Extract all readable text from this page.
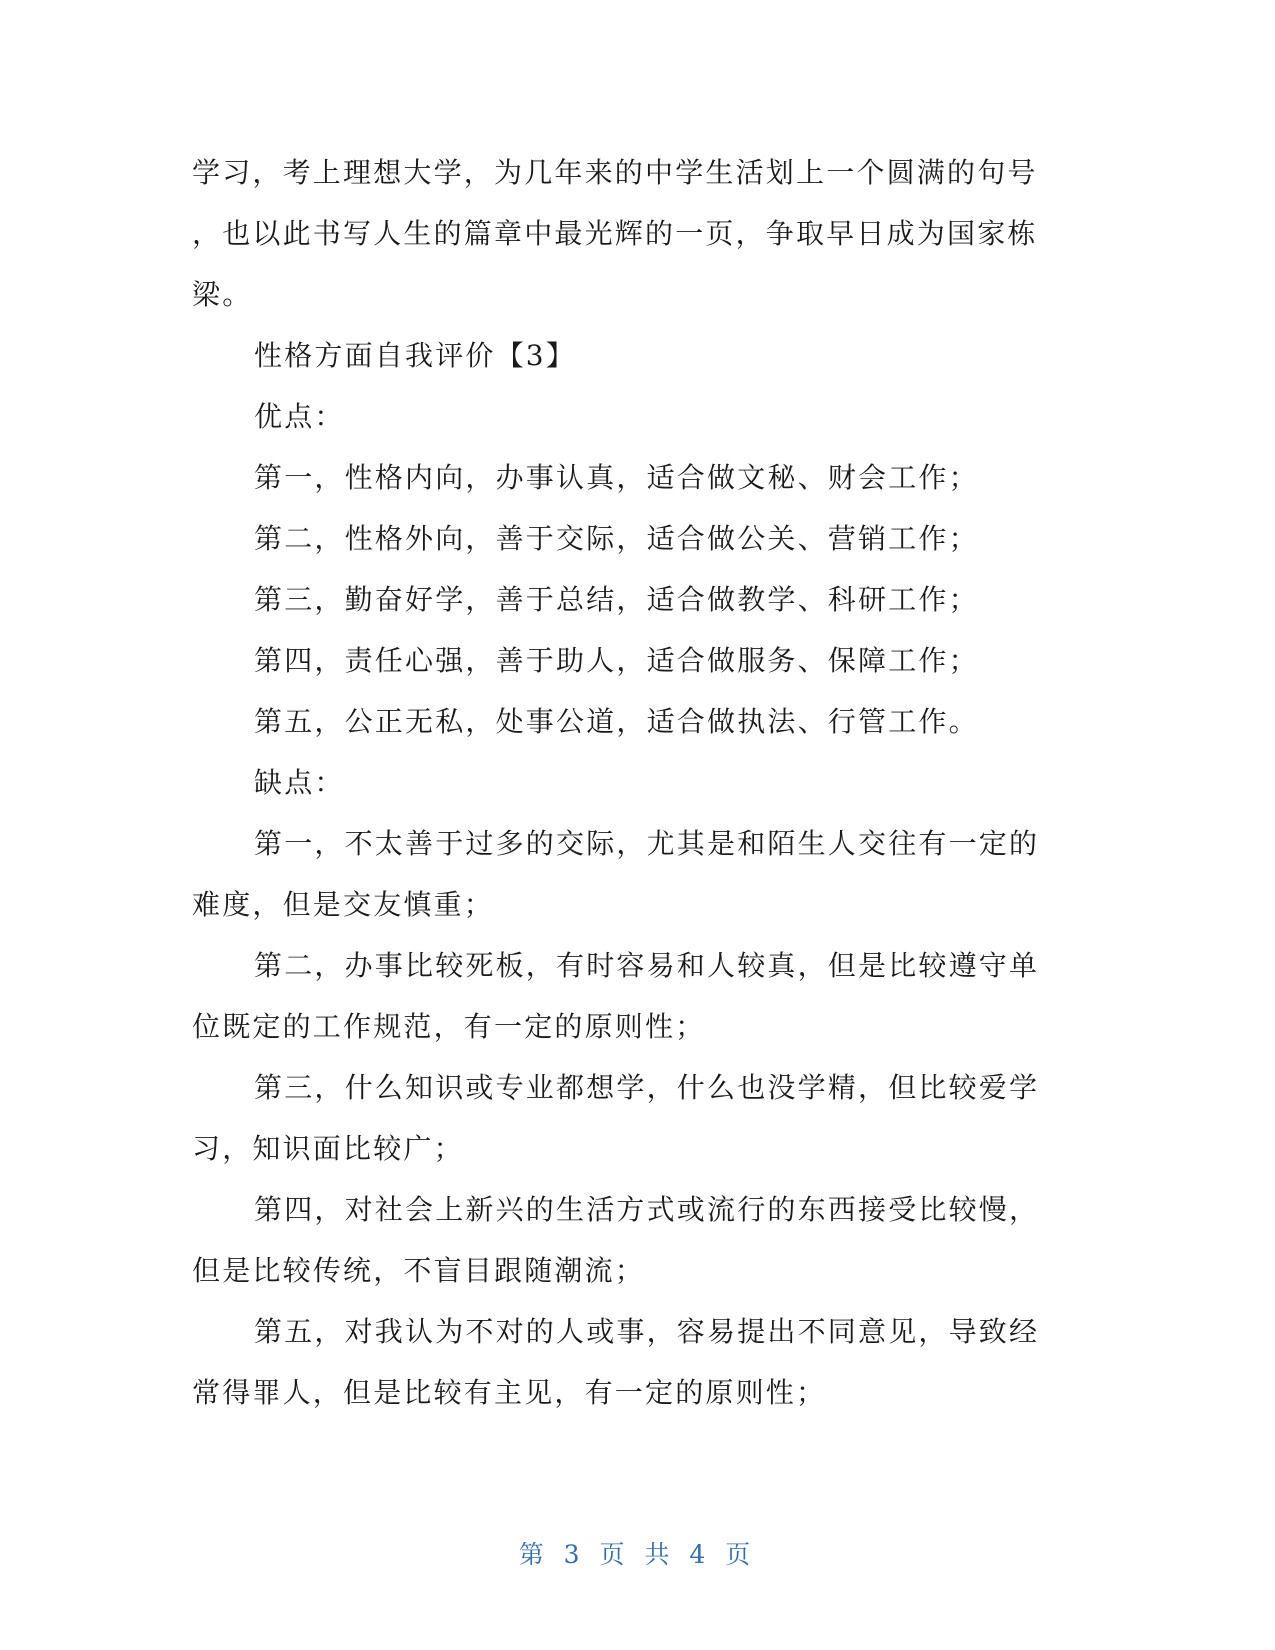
学习，考上理想大学，为几年来的中学生活划上一个圆满的句号
，也以此书写人生的篇章中最光辉的一页，争取早日成为国家栋
梁。
性格方面自我评价【3】
优点：
第一，性格内向，办事认真，适合做文秘、财会工作；
第二，性格外向，善于交际，适合做公关、营销工作；
第三，勤奋好学，善于总结，适合做教学、科研工作；
第四，责任心强，善于助人，适合做服务、保障工作；
第五，公正无私，处事公道，适合做执法、行管工作。
缺点：
第一，不太善于过多的交际，尤其是和陌生人交往有一定的
难度，但是交友慎重；
第二，办事比较死板，有时容易和人较真，但是比较遵守单
位既定的工作规范，有一定的原则性；
第三，什么知识或专业都想学，什么也没学精，但比较爱学
习，知识面比较广；
第四，对社会上新兴的生活方式或流行的东西接受比较慢，
但是比较传统，不盲目跟随潮流；
第五，对我认为不对的人或事，容易提出不同意见，导致经
常得罪人，但是比较有主见，有一定的原则性；
第 3 页 共 4 页
